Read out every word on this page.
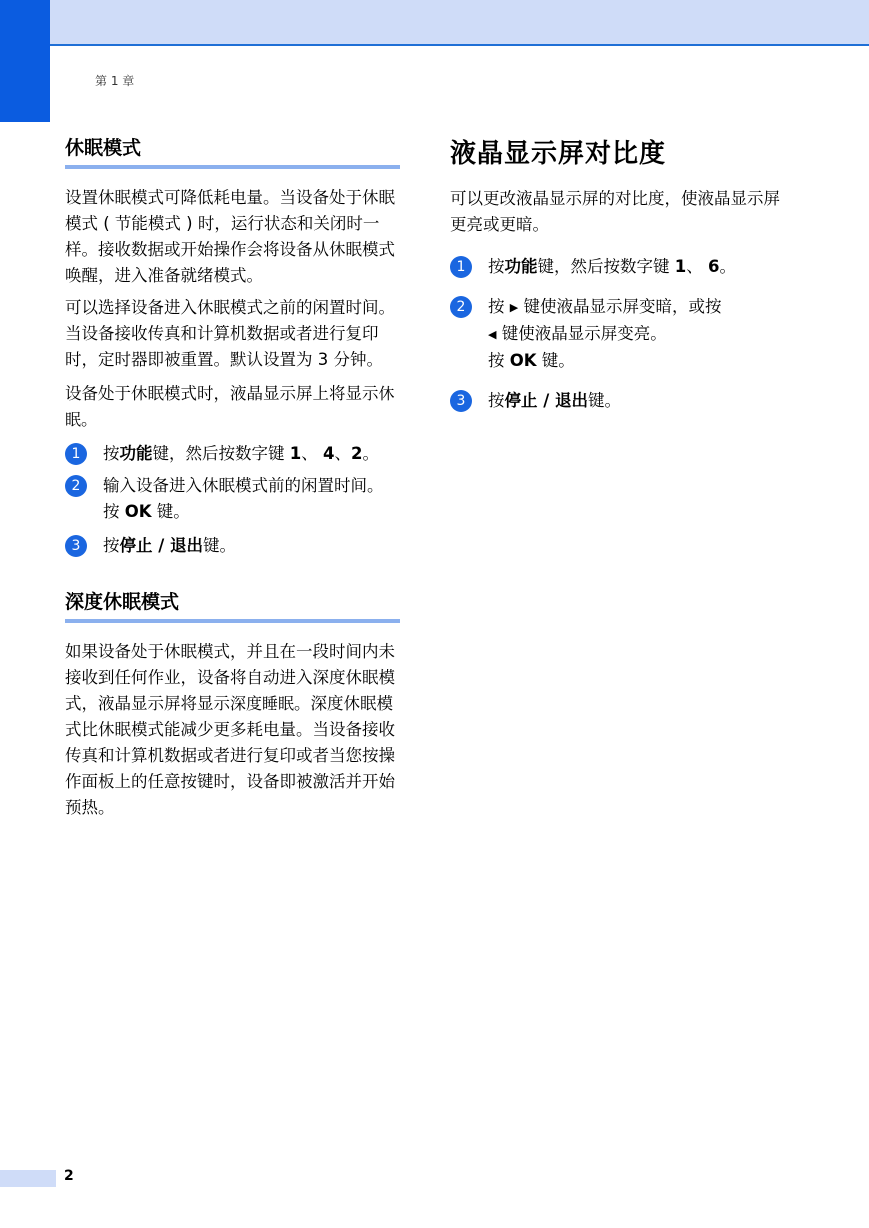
第 1 章
休眠模式

设置休眠模式可降低耗电量。当设备处于休眠模式 ( 节能模式 ) 时，运行状态和关闭时一样。接收数据或开始操作会将设备从休眠模式唤醒，进入准备就绪模式。

可以选择设备进入休眠模式之前的闲置时间。当设备接收传真和计算机数据或者进行复印时，定时器即被重置。默认设置为 3 分钟。

设备处于休眠模式时，液晶显示屏上将显示休眠。

1	按功能键，然后按数字键 1、 4、2。
2	输入设备进入休眠模式前的闲置时间。
按 OK 键。
3	按停止 / 退出键。
深度休眠模式

如果设备处于休眠模式，并且在一段时间内未接收到任何作业，设备将自动进入深度休眠模式，液晶显示屏将显示深度睡眠。深度休眠模式比休眠模式能减少更多耗电量。当设备接收传真和计算机数据或者进行复印或者当您按操作面板上的任意按键时，设备即被激活并开始预热。

液晶显示屏对比度

可以更改液晶显示屏的对比度，使液晶显示屏更亮或更暗。

1	按功能键，然后按数字键 1、 6。
2	按 ▶ 键使液晶显示屏变暗，或按
◀ 键使液晶显示屏变亮。
按 OK 键。
3	按停止 / 退出键。
2
